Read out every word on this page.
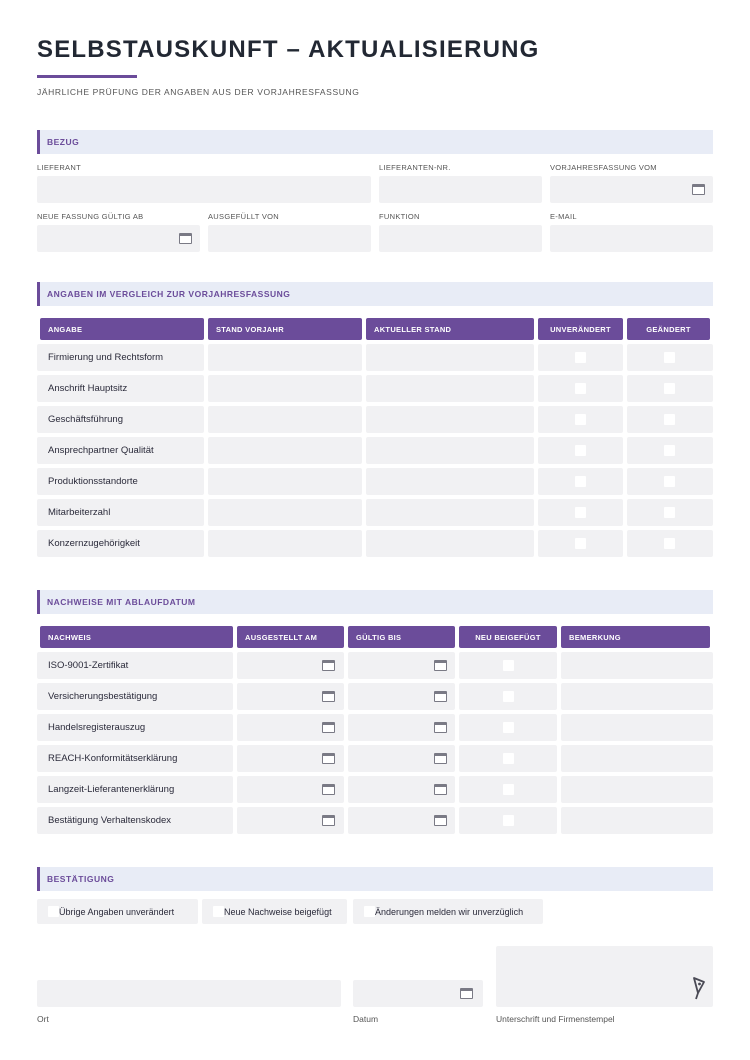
SELBSTAUSKUNFT – AKTUALISIERUNG
JÄHRLICHE PRÜFUNG DER ANGABEN AUS DER VORJAHRESFASSUNG
BEZUG
LIEFERANT	LIEFERANTEN-NR.	VORJAHRESFASSUNG VOM
NEUE FASSUNG GÜLTIG AB	AUSGEFÜLLT VON	FUNKTION	E-MAIL
ANGABEN IM VERGLEICH ZUR VORJAHRESFASSUNG
ANGABE	STAND VORJAHR	AKTUELLER STAND	UNVERÄNDERT	GEÄNDERT
Firmierung und Rechtsform
Anschrift Hauptsitz
Geschäftsführung
Ansprechpartner Qualität
Produktionsstandorte
Mitarbeiterzahl
Konzernzugehörigkeit
NACHWEISE MIT ABLAUFDATUM
NACHWEIS	AUSGESTELLT AM	GÜLTIG BIS	NEU BEIGEFÜGT	BEMERKUNG
ISO-9001-Zertifikat
Versicherungsbestätigung
Handelsregisterauszug
REACH-Konformitätserklärung
Langzeit-Lieferantenerklärung
Bestätigung Verhaltenskodex
BESTÄTIGUNG
Übrige Angaben unverändert	Neue Nachweise beigefügt	Änderungen melden wir unverzüglich
Ort	Datum	Unterschrift und Firmenstempel
